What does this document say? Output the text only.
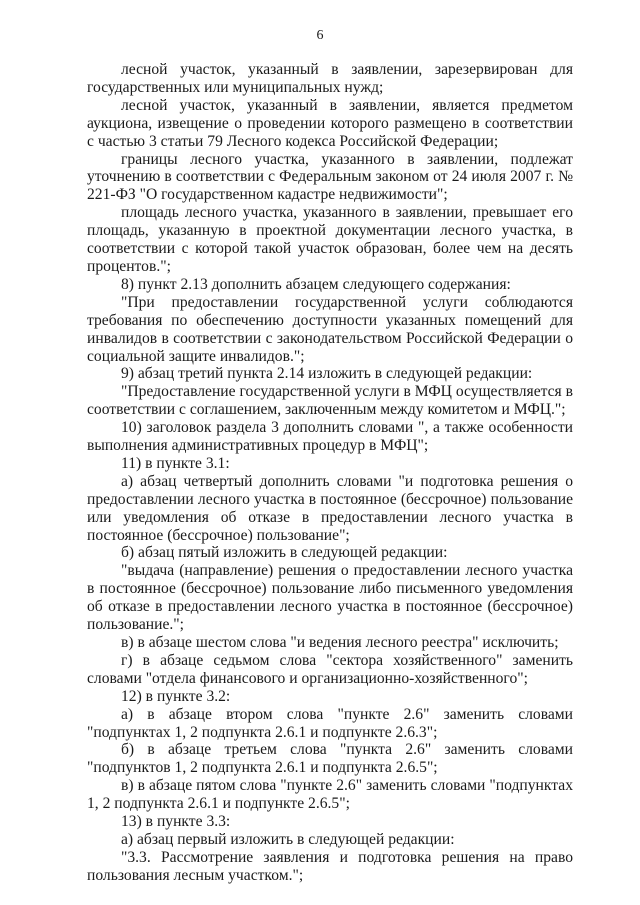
6

лесной участок, указанный в заявлении, зарезервирован для государственных или муниципальных нужд;

лесной участок, указанный в заявлении, является предметом аукциона, извещение о проведении которого размещено в соответствии с частью 3 статьи 79 Лесного кодекса Российской Федерации;

границы лесного участка, указанного в заявлении, подлежат уточнению в соответствии с Федеральным законом от 24 июля 2007 г. № 221-ФЗ "О государственном кадастре недвижимости";

площадь лесного участка, указанного в заявлении, превышает его площадь, указанную в проектной документации лесного участка, в соответствии с которой такой участок образован, более чем на десять процентов.";

8) пункт 2.13 дополнить абзацем следующего содержания:

"При предоставлении государственной услуги соблюдаются требования по обеспечению доступности указанных помещений для инвалидов в соответствии с законодательством Российской Федерации о социальной защите инвалидов.";

9) абзац третий пункта 2.14 изложить в следующей редакции:

"Предоставление государственной услуги в МФЦ осуществляется в соответствии с соглашением, заключенным между комитетом и МФЦ.";

10) заголовок раздела 3 дополнить словами ", а также особенности выполнения административных процедур в МФЦ";

11) в пункте 3.1:

а) абзац четвертый дополнить словами "и подготовка решения о предоставлении лесного участка в постоянное (бессрочное) пользование или уведомления об отказе в предоставлении лесного участка в постоянное (бессрочное) пользование";

б) абзац пятый изложить в следующей редакции:

"выдача (направление) решения о предоставлении лесного участка в постоянное (бессрочное) пользование либо письменного уведомления об отказе в предоставлении лесного участка в постоянное (бессрочное) пользование.";

в) в абзаце шестом слова "и ведения лесного реестра" исключить;

г) в абзаце седьмом слова "сектора хозяйственного" заменить словами "отдела финансового и организационно-хозяйственного";

12) в пункте 3.2:

а) в абзаце втором слова "пункте 2.6" заменить словами "подпунктах 1, 2 подпункта 2.6.1 и подпункте 2.6.3";

б) в абзаце третьем слова "пункта 2.6" заменить словами "подпунктов 1, 2 подпункта 2.6.1 и подпункта 2.6.5";

в) в абзаце пятом слова "пункте 2.6" заменить словами "подпунктах 1, 2 подпункта 2.6.1 и подпункте 2.6.5";

13) в пункте 3.3:

а) абзац первый изложить в следующей редакции:

"3.3. Рассмотрение заявления и подготовка решения на право пользования лесным участком.";
